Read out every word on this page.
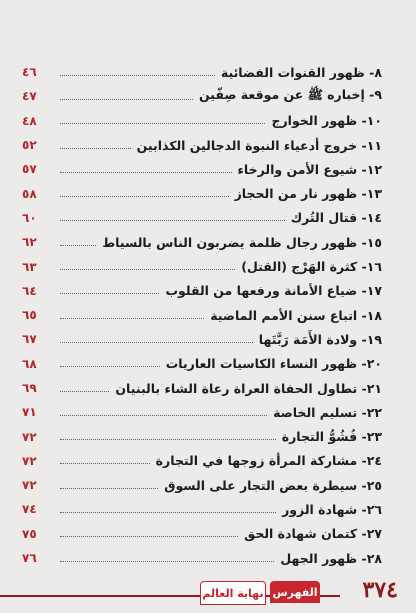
٨- ظهور القنوات الفضائية
٤٦
٩- إخباره ﷺ عن موقعة صِفّين
٤٧
١٠- ظهور الخوارج
٤٨
١١- خروج أدعياء النبوة الدجالين الكذابين
٥٢
١٢- شيوع الأمن والرخاء
٥٧
١٣- ظهور نار من الحجاز
٥٨
١٤- قتال التُرك
٦٠
١٥- ظهور رجال ظلمة يضربون الناس بالسياط
٦٢
١٦- كثرة الهَرْج (القتل)
٦٣
١٧- ضياع الأمانة ورفعها من القلوب
٦٤
١٨- اتباع سنن الأمم الماضية
٦٥
١٩- ولادة الأَمَة رَبَّتَها
٦٧
٢٠- ظهور النساء الكاسيات العاريات
٦٨
٢١- تطاول الحفاة العراة رعاة الشاء بالبنيان
٦٩
٢٢- تسليم الخاصة
٧١
٢٣- فُشُوُّ التجارة
٧٢
٢٤- مشاركة المرأة زوجها في التجارة
٧٢
٢٥- سيطرة بعض التجار على السوق
٧٢
٢٦- شهادة الزور
٧٤
٢٧- كتمان شهادة الحق
٧٥
٢٨- ظهور الجهل
٧٦
نهاية العالم الفهرس ٣٧٤
